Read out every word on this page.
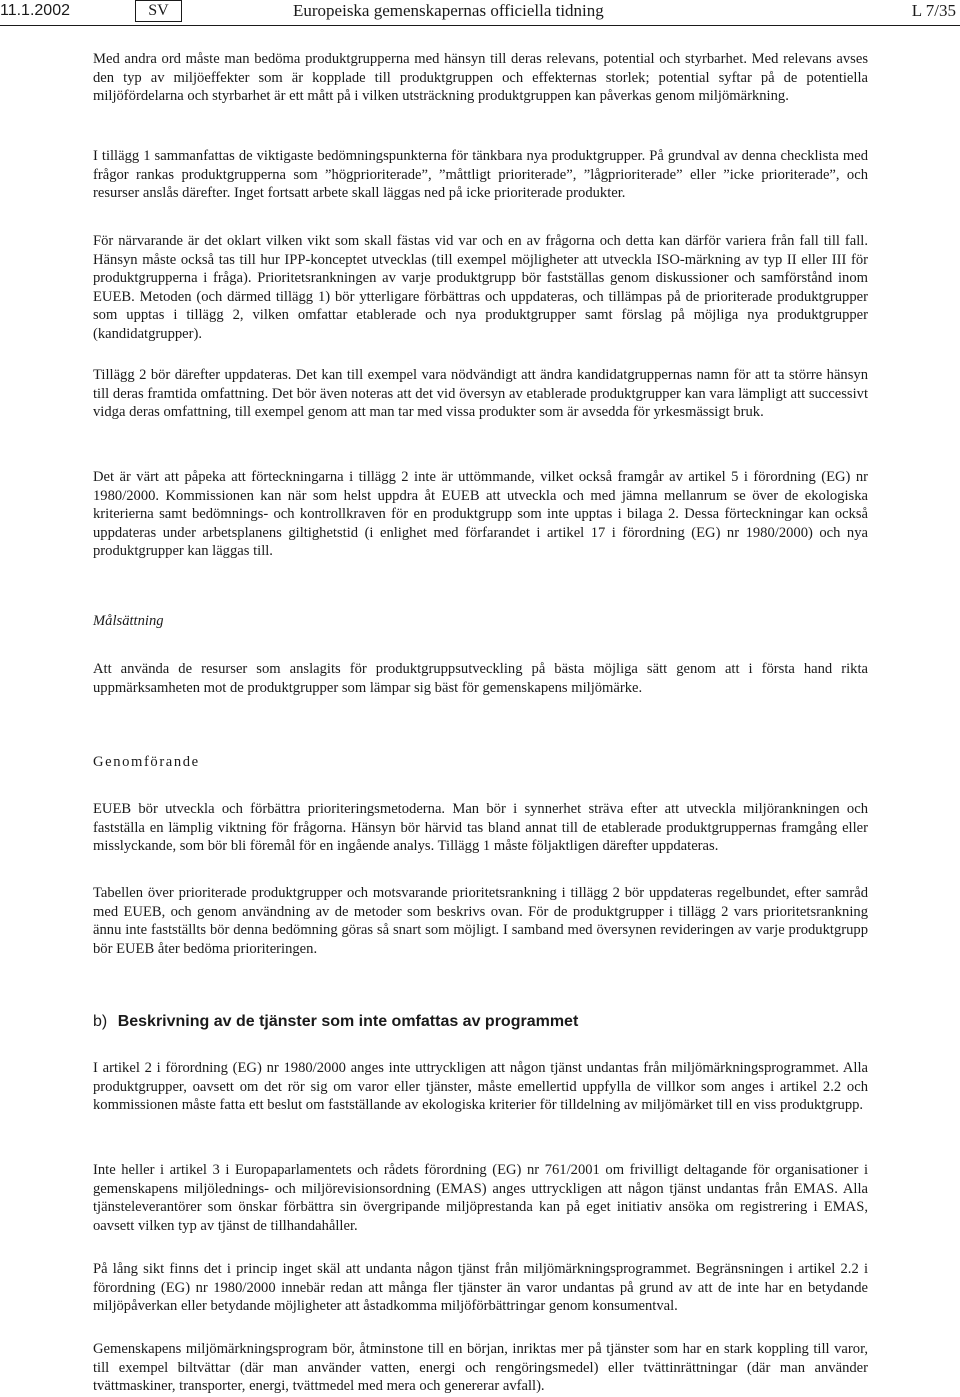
11.1.2002	SV	Europeiska gemenskapernas officiella tidning	L 7/35

Med andra ord måste man bedöma produktgrupperna med hänsyn till deras relevans, potential och styrbarhet. Med relevans avses den typ av miljöeffekter som är kopplade till produktgruppen och effekternas storlek; potential syftar på de potentiella miljöfördelarna och styrbarhet är ett mått på i vilken utsträckning produktgruppen kan påverkas genom miljömärkning.

I tillägg 1 sammanfattas de viktigaste bedömningspunkterna för tänkbara nya produktgrupper. På grundval av denna checklista med frågor rankas produktgrupperna som ”högprioriterade”, ”måttligt prioriterade”, ”lågprioriterade” eller ”icke prioriterade”, och resurser anslås därefter. Inget fortsatt arbete skall läggas ned på icke prioriterade produkter.

För närvarande är det oklart vilken vikt som skall fästas vid var och en av frågorna och detta kan därför variera från fall till fall. Hänsyn måste också tas till hur IPP-konceptet utvecklas (till exempel möjligheter att utveckla ISO-märkning av typ II eller III för produktgrupperna i fråga). Prioritetsrankningen av varje produktgrupp bör fastställas genom diskussioner och samförstånd inom EUEB. Metoden (och därmed tillägg 1) bör ytterligare förbättras och uppdateras, och tillämpas på de prioriterade produktgrupper som upptas i tillägg 2, vilken omfattar etablerade och nya produktgrupper samt förslag på möjliga nya produktgrupper (kandidatgrupper).

Tillägg 2 bör därefter uppdateras. Det kan till exempel vara nödvändigt att ändra kandidatgruppernas namn för att ta större hänsyn till deras framtida omfattning. Det bör även noteras att det vid översyn av etablerade produktgrupper kan vara lämpligt att successivt vidga deras omfattning, till exempel genom att man tar med vissa produkter som är avsedda för yrkesmässigt bruk.

Det är värt att påpeka att förteckningarna i tillägg 2 inte är uttömmande, vilket också framgår av artikel 5 i förordning (EG) nr 1980/2000. Kommissionen kan när som helst uppdra åt EUEB att utveckla och med jämna mellanrum se över de ekologiska kriterierna samt bedömnings- och kontrollkraven för en produktgrupp som inte upptas i bilaga 2. Dessa förteckningar kan också uppdateras under arbetsplanens giltighetstid (i enlighet med förfarandet i artikel 17 i förordning (EG) nr 1980/2000) och nya produktgrupper kan läggas till.

Målsättning

Att använda de resurser som anslagits för produktgruppsutveckling på bästa möjliga sätt genom att i första hand rikta uppmärksamheten mot de produktgrupper som lämpar sig bäst för gemenskapens miljömärke.

Genomförande

EUEB bör utveckla och förbättra prioriteringsmetoderna. Man bör i synnerhet sträva efter att utveckla miljörankningen och fastställa en lämplig viktning för frågorna. Hänsyn bör härvid tas bland annat till de etablerade produktgruppernas framgång eller misslyckande, som bör bli föremål för en ingående analys. Tillägg 1 måste följaktligen därefter uppdateras.

Tabellen över prioriterade produktgrupper och motsvarande prioritetsrankning i tillägg 2 bör uppdateras regelbundet, efter samråd med EUEB, och genom användning av de metoder som beskrivs ovan. För de produktgrupper i tillägg 2 vars prioritetsrankning ännu inte fastställts bör denna bedömning göras så snart som möjligt. I samband med översynen revideringen av varje produktgrupp bör EUEB åter bedöma prioriteringen.

b) Beskrivning av de tjänster som inte omfattas av programmet

I artikel 2 i förordning (EG) nr 1980/2000 anges inte uttryckligen att någon tjänst undantas från miljömärkningsprogrammet. Alla produktgrupper, oavsett om det rör sig om varor eller tjänster, måste emellertid uppfylla de villkor som anges i artikel 2.2 och kommissionen måste fatta ett beslut om fastställande av ekologiska kriterier för tilldelning av miljömärket till en viss produktgrupp.

Inte heller i artikel 3 i Europaparlamentets och rådets förordning (EG) nr 761/2001 om frivilligt deltagande för organisationer i gemenskapens miljölednings- och miljörevisionsordning (EMAS) anges uttryckligen att någon tjänst undantas från EMAS. Alla tjänsteleverantörer som önskar förbättra sin övergripande miljöprestanda kan på eget initiativ ansöka om registrering i EMAS, oavsett vilken typ av tjänst de tillhandahåller.

På lång sikt finns det i princip inget skäl att undanta någon tjänst från miljömärkningsprogrammet. Begränsningen i artikel 2.2 i förordning (EG) nr 1980/2000 innebär redan att många fler tjänster än varor undantas på grund av att de inte har en betydande miljöpåverkan eller betydande möjligheter att åstadkomma miljöförbättringar genom konsumentval.

Gemenskapens miljömärkningsprogram bör, åtminstone till en början, inriktas mer på tjänster som har en stark koppling till varor, till exempel biltvättar (där man använder vatten, energi och rengöringsmedel) eller tvättinrättningar (där man använder tvättmaskiner, transporter, energi, tvättmedel med mera och genererar avfall).
